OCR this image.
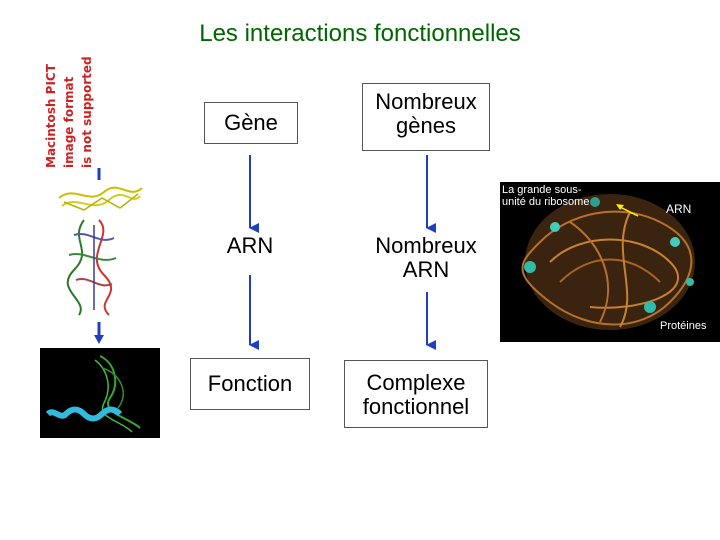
Les interactions fonctionnelles
Macintosh PICT image format is not supported
La grande sous-unité du ribosome	ARN
Protéines
Gène
ARN
Fonction
Nombreux gènes
Nombreux ARN
Complexe fonctionnel
